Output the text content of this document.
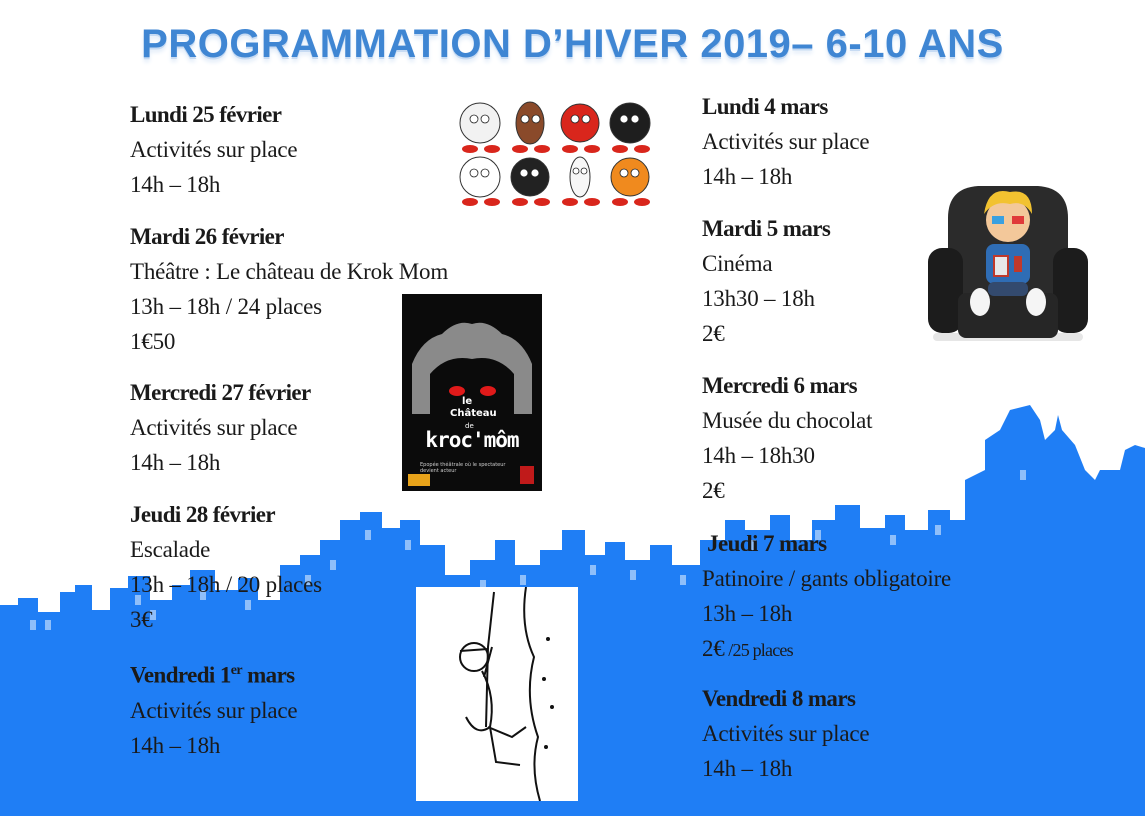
PROGRAMMATION D’HIVER 2019– 6-10 ANS
Lundi 25 février
Activités sur place
14h – 18h
Mardi 26 février
Théâtre : Le château de Krok Mom
13h – 18h / 24 places
1€50
Mercredi 27 février
Activités sur place
14h – 18h
Jeudi 28 février
Escalade
13h – 18h / 20 places
3€
Vendredi 1er mars
Activités sur place
14h – 18h
Lundi 4 mars
Activités sur place
14h – 18h
Mardi 5 mars
Cinéma
13h30 – 18h
2€
Mercredi 6 mars
Musée du chocolat
14h – 18h30
2€
Jeudi 7 mars
Patinoire / gants obligatoire
13h – 18h
2€ /25 places
Vendredi 8 mars
Activités sur place
14h – 18h
le
Château
de
kroc'môm
Epopée théâtrale où le spectateur devient acteur
